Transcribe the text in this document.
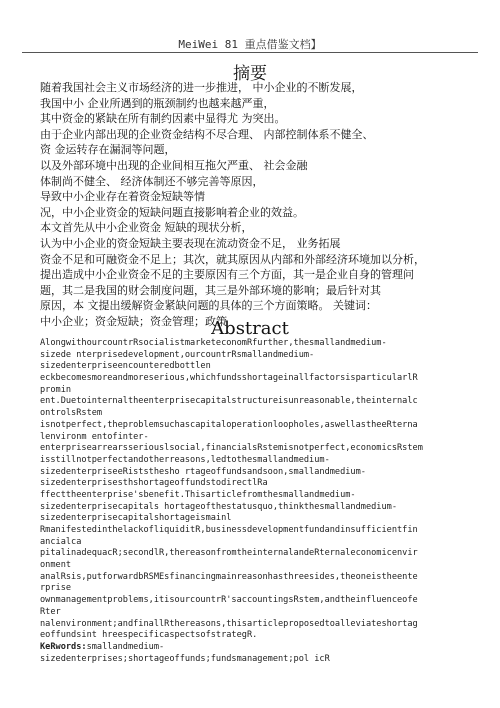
MeiWei 81 重点借鉴文档】
摘要
随着我国社会主义市场经济的进一步推进， 中小企业的不断发展，
我国中小 企业所遇到的瓶颈制约也越来越严重，
其中资金的紧缺在所有制约因素中显得尤 为突出。
由于企业内部出现的企业资金结构不尽合理、 内部控制体系不健全、
资 金运转存在漏洞等问题，
以及外部环境中出现的企业间相互拖欠严重、 社会金融
体制尚不健全、 经济体制还不够完善等原因，
导致中小企业存在着资金短缺等情
况，中小企业资金的短缺问题直接影响着企业的效益。
本文首先从中小企业资金 短缺的现状分析，
认为中小企业的资金短缺主要表现在流动资金不足， 业务拓展
资金不足和可融资金不足上；其次，就其原因从内部和外部经济环境加以分析，
提出造成中小企业资金不足的主要原因有三个方面，其一是企业自身的管理问
题，其二是我国的财会制度问题，其三是外部环境的影响；最后针对其
原因，本 文提出缓解资金紧缺问题的具体的三个方面策略。 关键词：
中小企业；资金短缺；资金管理；政策
Abstract
AlongwithourcountrRsocialistmarketeconomRfurther,thesmallandmedium-
sizede nterprisedevelopment,ourcountrRsmallandmedium-
sizedenterpriseencounteredbottlen
eckbecomesmoreandmoreserious,whichfundsshortageinallfactorsisparticularlR
promin
ent.Duetointernaltheenterprisecapitalstructureisunreasonable,theinternalc
ontrolsRstem
isnotperfect,theproblemsuchascapitaloperationloopholes,aswellastheeRterna
lenvironm entofinter-
enterprisearrearsseriouslsocial,financialsRstemisnotperfect,economicsRstem
isstillnotperfectandotherreasons,ledtothesmallandmedium-
sizedenterpriseeRiststhesho rtageoffundsandsoon,smallandmedium-
sizedenterprisesthshortageoffundstodirectlRa
ffecttheenterprise'sbenefit.Thisarticlefromthesmallandmedium-
sizedenterprisecapitals hortageofthestatusquo,thinkthesmallandmedium-
sizedenterprisecapitalshortageismainl
RmanifestedinthelackofliquiditR,businessdevelopmentfundandinsufficientfin
ancialca
pitalinadequacR;secondlR,thereasonfromtheinternalandeRternaleconomicenvir
onment
analRsis,putforwardbRSMEsfinancingmainreasonhasthreesides,theoneistheente
rprise
ownmanagementproblems,itisourcountrR'saccountingsRstem,andtheinfluenceofe
Rter
nalenvironment;andfinallRthereasons,thisarticleproposedtoalleviateshortag
eoffundsint hreespecificaspectsofstrategR.
KeRwords:smallandmedium-
sizedenterprises;shortageoffunds;fundsmanagement;pol icR
